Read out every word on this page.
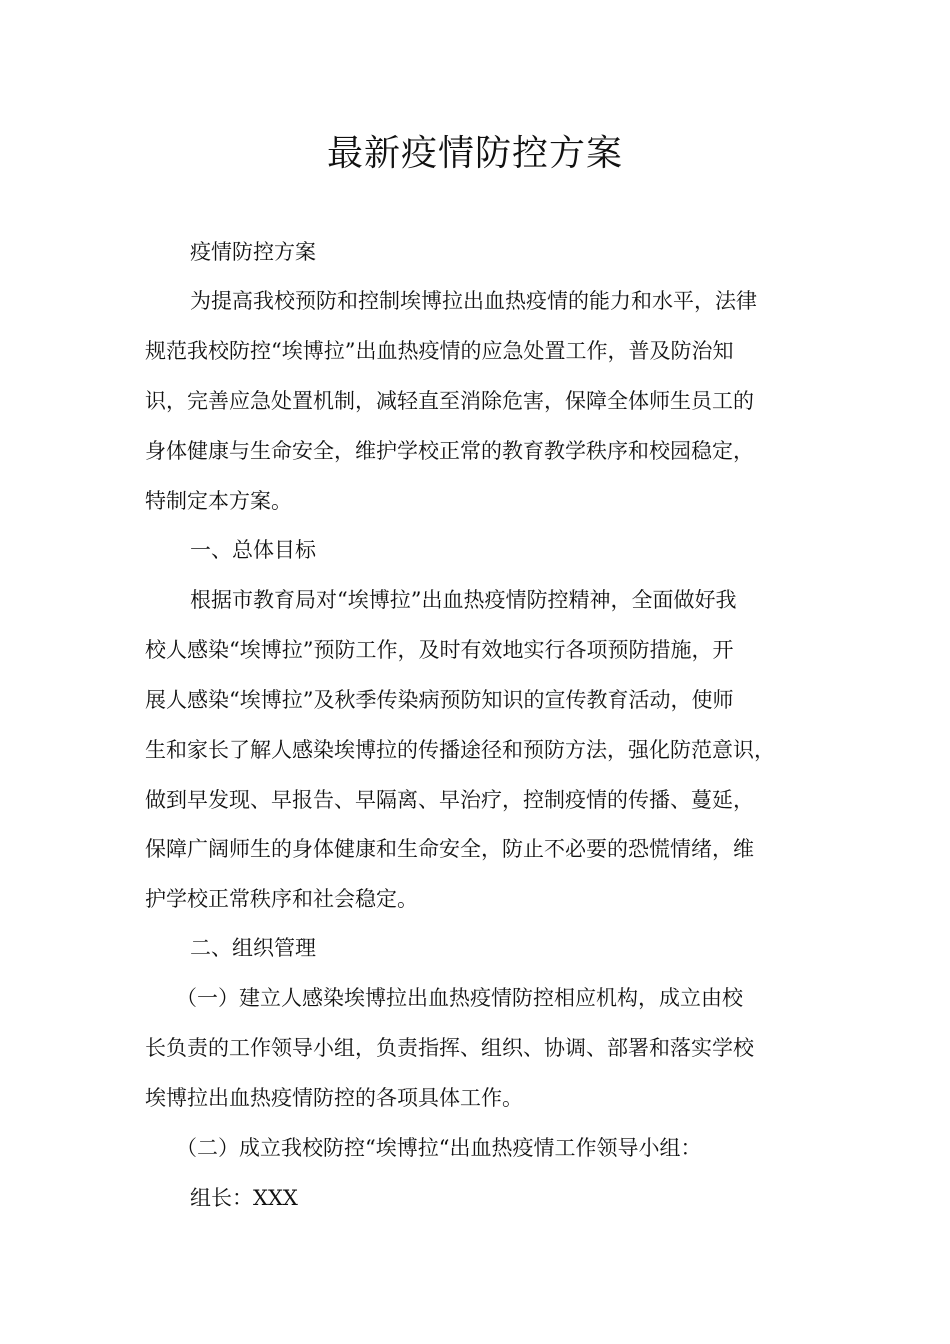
最新疫情防控方案
疫情防控方案
为提高我校预防和控制埃博拉出血热疫情的能力和水平，法律
规范我校防控“埃博拉”出血热疫情的应急处置工作，普及防治知
识，完善应急处置机制，减轻直至消除危害，保障全体师生员工的
身体健康与生命安全，维护学校正常的教育教学秩序和校园稳定，
特制定本方案。
一、总体目标
根据市教育局对“埃博拉”出血热疫情防控精神，全面做好我
校人感染“埃博拉”预防工作，及时有效地实行各项预防措施，开
展人感染“埃博拉”及秋季传染病预防知识的宣传教育活动，使师
生和家长了解人感染埃博拉的传播途径和预防方法，强化防范意识，
做到早发现、早报告、早隔离、早治疗，控制疫情的传播、蔓延，
保障广阔师生的身体健康和生命安全，防止不必要的恐慌情绪，维
护学校正常秩序和社会稳定。
二、组织管理
（一）建立人感染埃博拉出血热疫情防控相应机构，成立由校
长负责的工作领导小组，负责指挥、组织、协调、部署和落实学校
埃博拉出血热疫情防控的各项具体工作。
（二）成立我校防控“埃博拉“出血热疫情工作领导小组：
组长：XXX
